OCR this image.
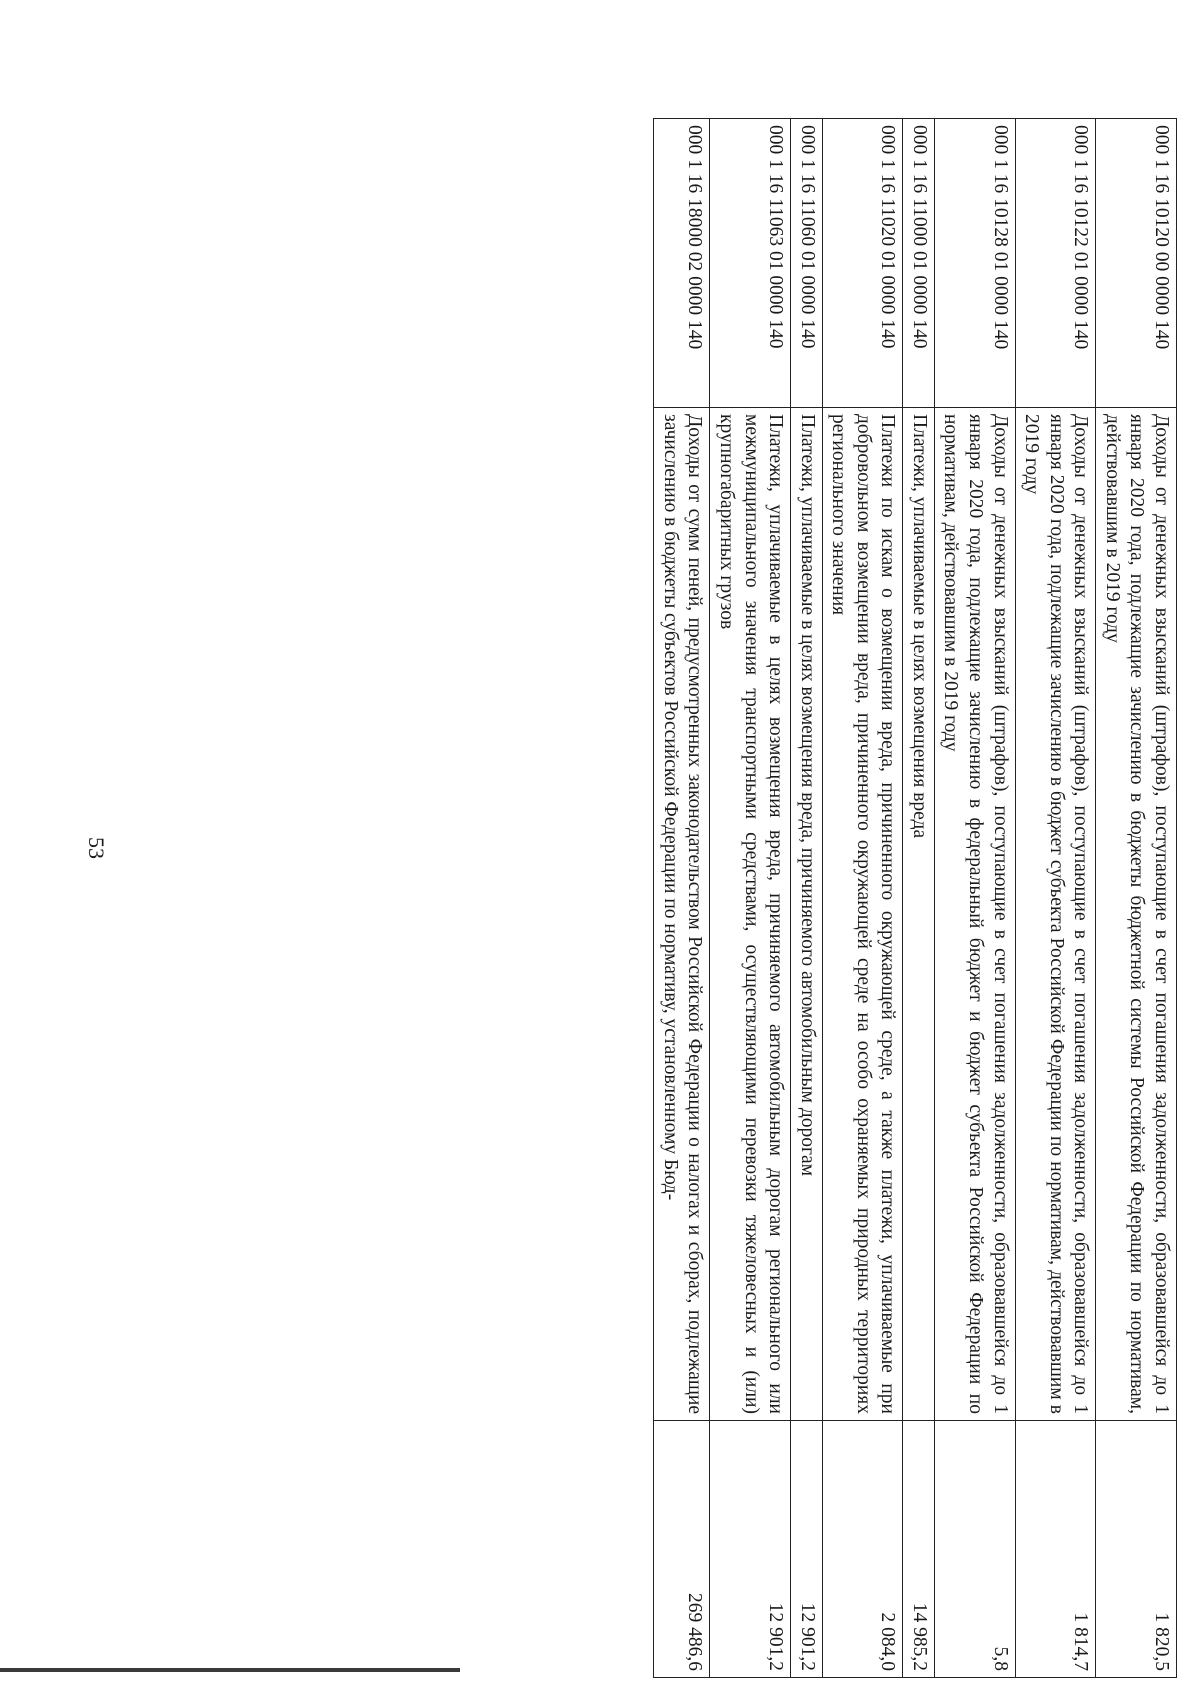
53
000 1 16 10120 00 0000 140	Доходы от денежных взысканий (штрафов), поступающие в счет погашения задолженности, образовавшейся до 1 января 2020 года, подлежащие зачислению в бюджеты бюджетной системы Российской Федерации по нормативам, действовавшим в 2019 году	1 820,5
000 1 16 10122 01 0000 140	Доходы от денежных взысканий (штрафов), поступающие в счет погашения задолженности, образовавшейся до 1 января 2020 года, подлежащие зачислению в бюджет субъекта Российской Федерации по нормативам, действовавшим в 2019 году	1 814,7
000 1 16 10128 01 0000 140	Доходы от денежных взысканий (штрафов), поступающие в счет погашения задолженности, образовавшейся до 1 января 2020 года, подлежащие зачислению в федеральный бюджет и бюджет субъекта Российской Федерации по нормативам, действовавшим в 2019 году	5,8
000 1 16 11000 01 0000 140	Платежи, уплачиваемые в целях возмещения вреда	14 985,2
000 1 16 11020 01 0000 140	Платежи по искам о возмещении вреда, причиненного окружающей среде, а также платежи, уплачиваемые при добровольном возмещении вреда, причиненного окружающей среде на особо охраняемых природных территориях регионального значения	2 084,0
000 1 16 11060 01 0000 140	Платежи, уплачиваемые в целях возмещения вреда, причиняемого автомобильным дорогам	12 901,2
000 1 16 11063 01 0000 140	Платежи, уплачиваемые в целях возмещения вреда, причиняемого автомобильным дорогам регионального или межмуниципального значения транспортными средствами, осуществляющими перевозки тяжеловесных и (или) крупногабаритных грузов	12 901,2
000 1 16 18000 02 0000 140	Доходы от сумм пеней, предусмотренных законодательством Российской Федерации о налогах и сборах, подлежащие зачислению в бюджеты субъектов Российской Федерации по нормативу, установленному Бюд-	269 486,6
